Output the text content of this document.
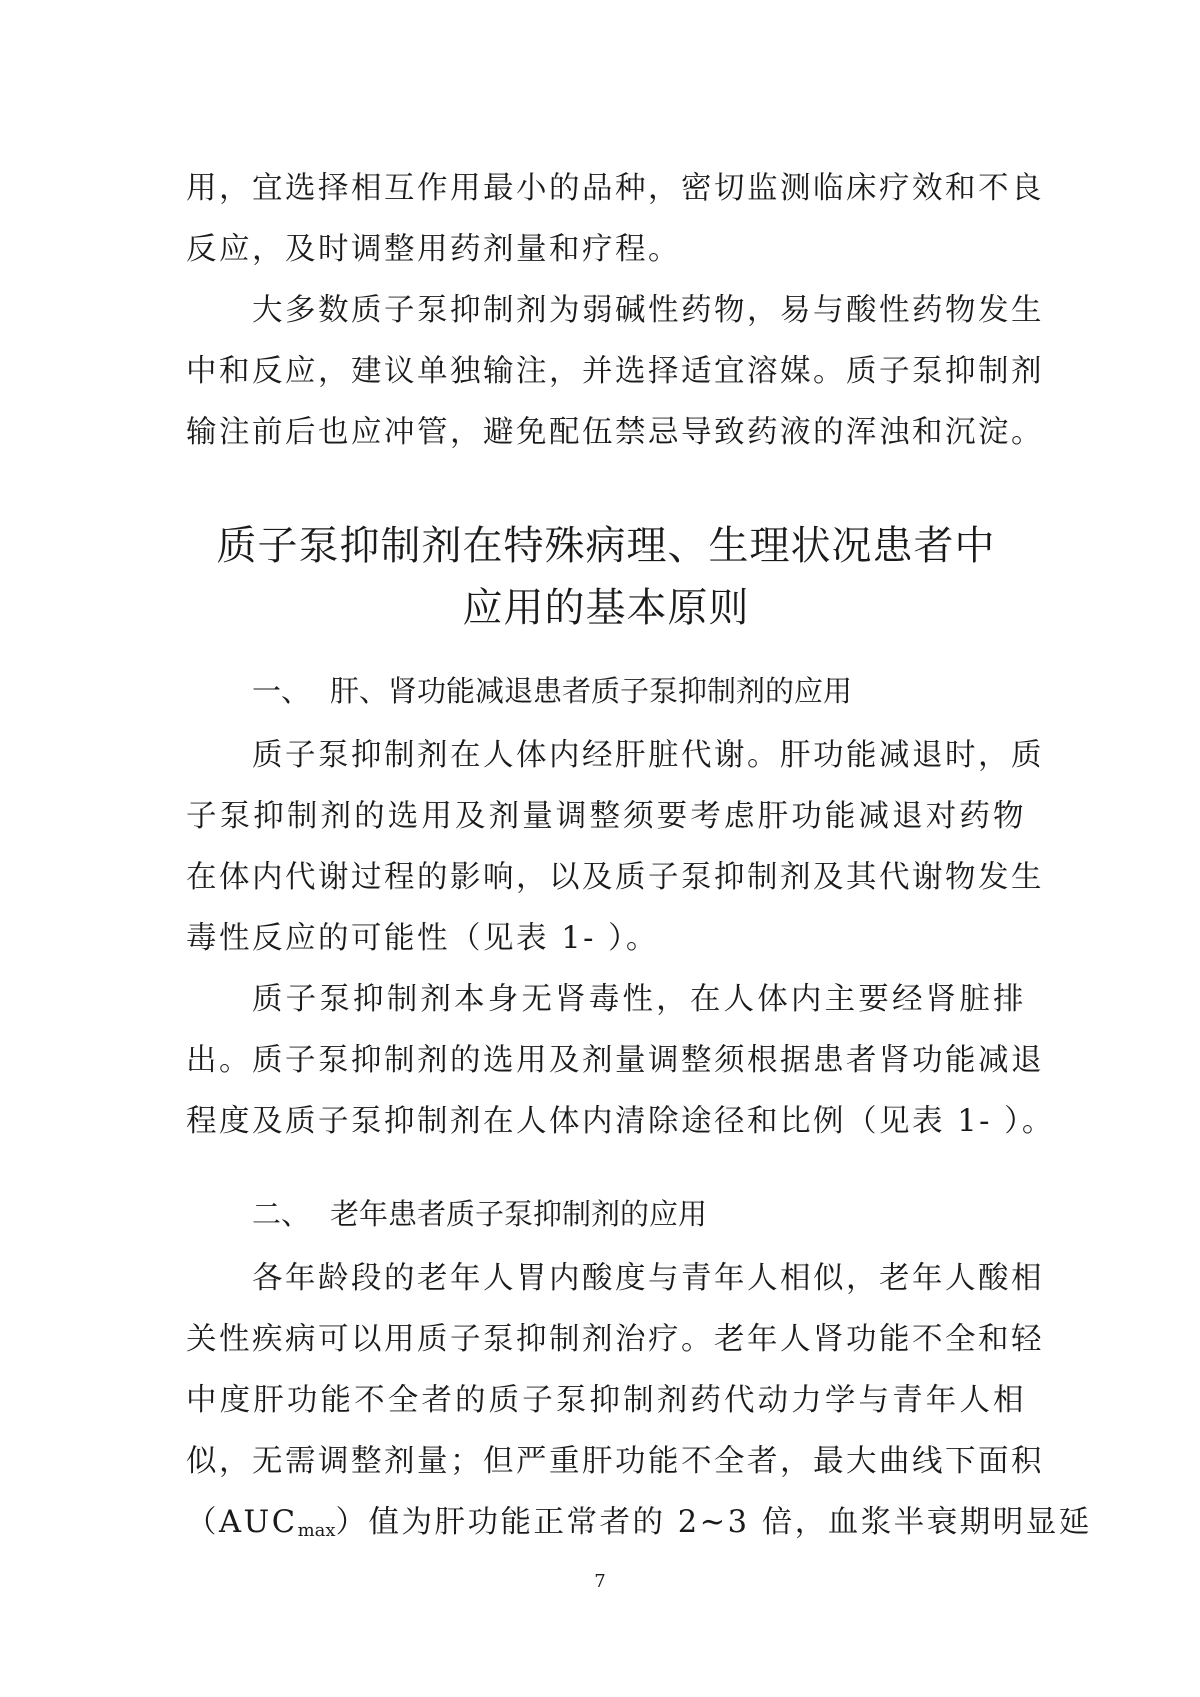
用，宜选择相互作用最小的品种，密切监测临床疗效和不良
反应，及时调整用药剂量和疗程。

大多数质子泵抑制剂为弱碱性药物，易与酸性药物发生
中和反应，建议单独输注，并选择适宜溶媒。质子泵抑制剂
输注前后也应冲管，避免配伍禁忌导致药液的浑浊和沉淀。

质子泵抑制剂在特殊病理、生理状况患者中
应用的基本原则
一、 肝、肾功能减退患者质子泵抑制剂的应用

质子泵抑制剂在人体内经肝脏代谢。肝功能减退时，质
子泵抑制剂的选用及剂量调整须要考虑肝功能减退对药物
在体内代谢过程的影响，以及质子泵抑制剂及其代谢物发生
毒性反应的可能性（见表 1- ）。

质子泵抑制剂本身无肾毒性，在人体内主要经肾脏排
出。质子泵抑制剂的选用及剂量调整须根据患者肾功能减退
程度及质子泵抑制剂在人体内清除途径和比例（见表 1- ）。

二、 老年患者质子泵抑制剂的应用

各年龄段的老年人胃内酸度与青年人相似，老年人酸相
关性疾病可以用质子泵抑制剂治疗。老年人肾功能不全和轻
中度肝功能不全者的质子泵抑制剂药代动力学与青年人相
似，无需调整剂量；但严重肝功能不全者，最大曲线下面积
$(AUC_{max})$值为肝功能正常者的 2~3 倍，血浆半衰期明显延

7
